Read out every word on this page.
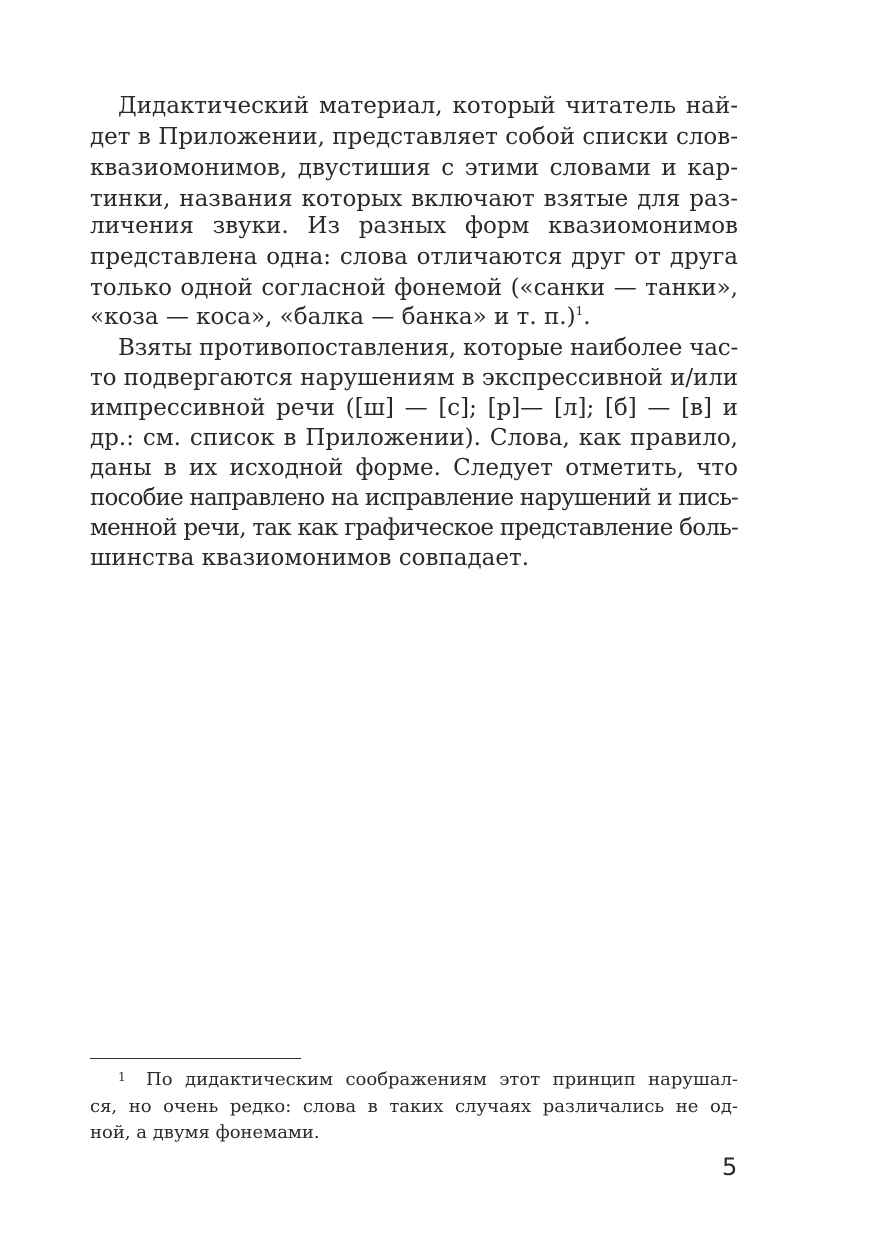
Дидактический материал, который читатель най-
дет в Приложении, представляет собой списки слов-
квазиомонимов, двустишия с этими словами и кар-
тинки, названия которых включают взятые для раз-
личения звуки. Из разных форм квазиомонимов
представлена одна: слова отличаются друг от друга
только одной согласной фонемой («санки — танки»,
«коза — коса», «балка — банка» и т. п.)$^1$.
Взяты противопоставления, которые наиболее час-
то подвергаются нарушениям в экспрессивной и/или
импрессивной речи ([ш] — [с]; [р]— [л]; [б] — [в] и
др.: см. список в Приложении). Слова, как правило,
даны в их исходной форме. Следует отметить, что
пособие направлено на исправление нарушений и пись-
менной речи, так как графическое представление боль-
шинства квазиомонимов совпадает.
1 По дидактическим соображениям этот принцип нарушал-
ся, но очень редко: слова в таких случаях различались не од-
ной, а двумя фонемами.
5
